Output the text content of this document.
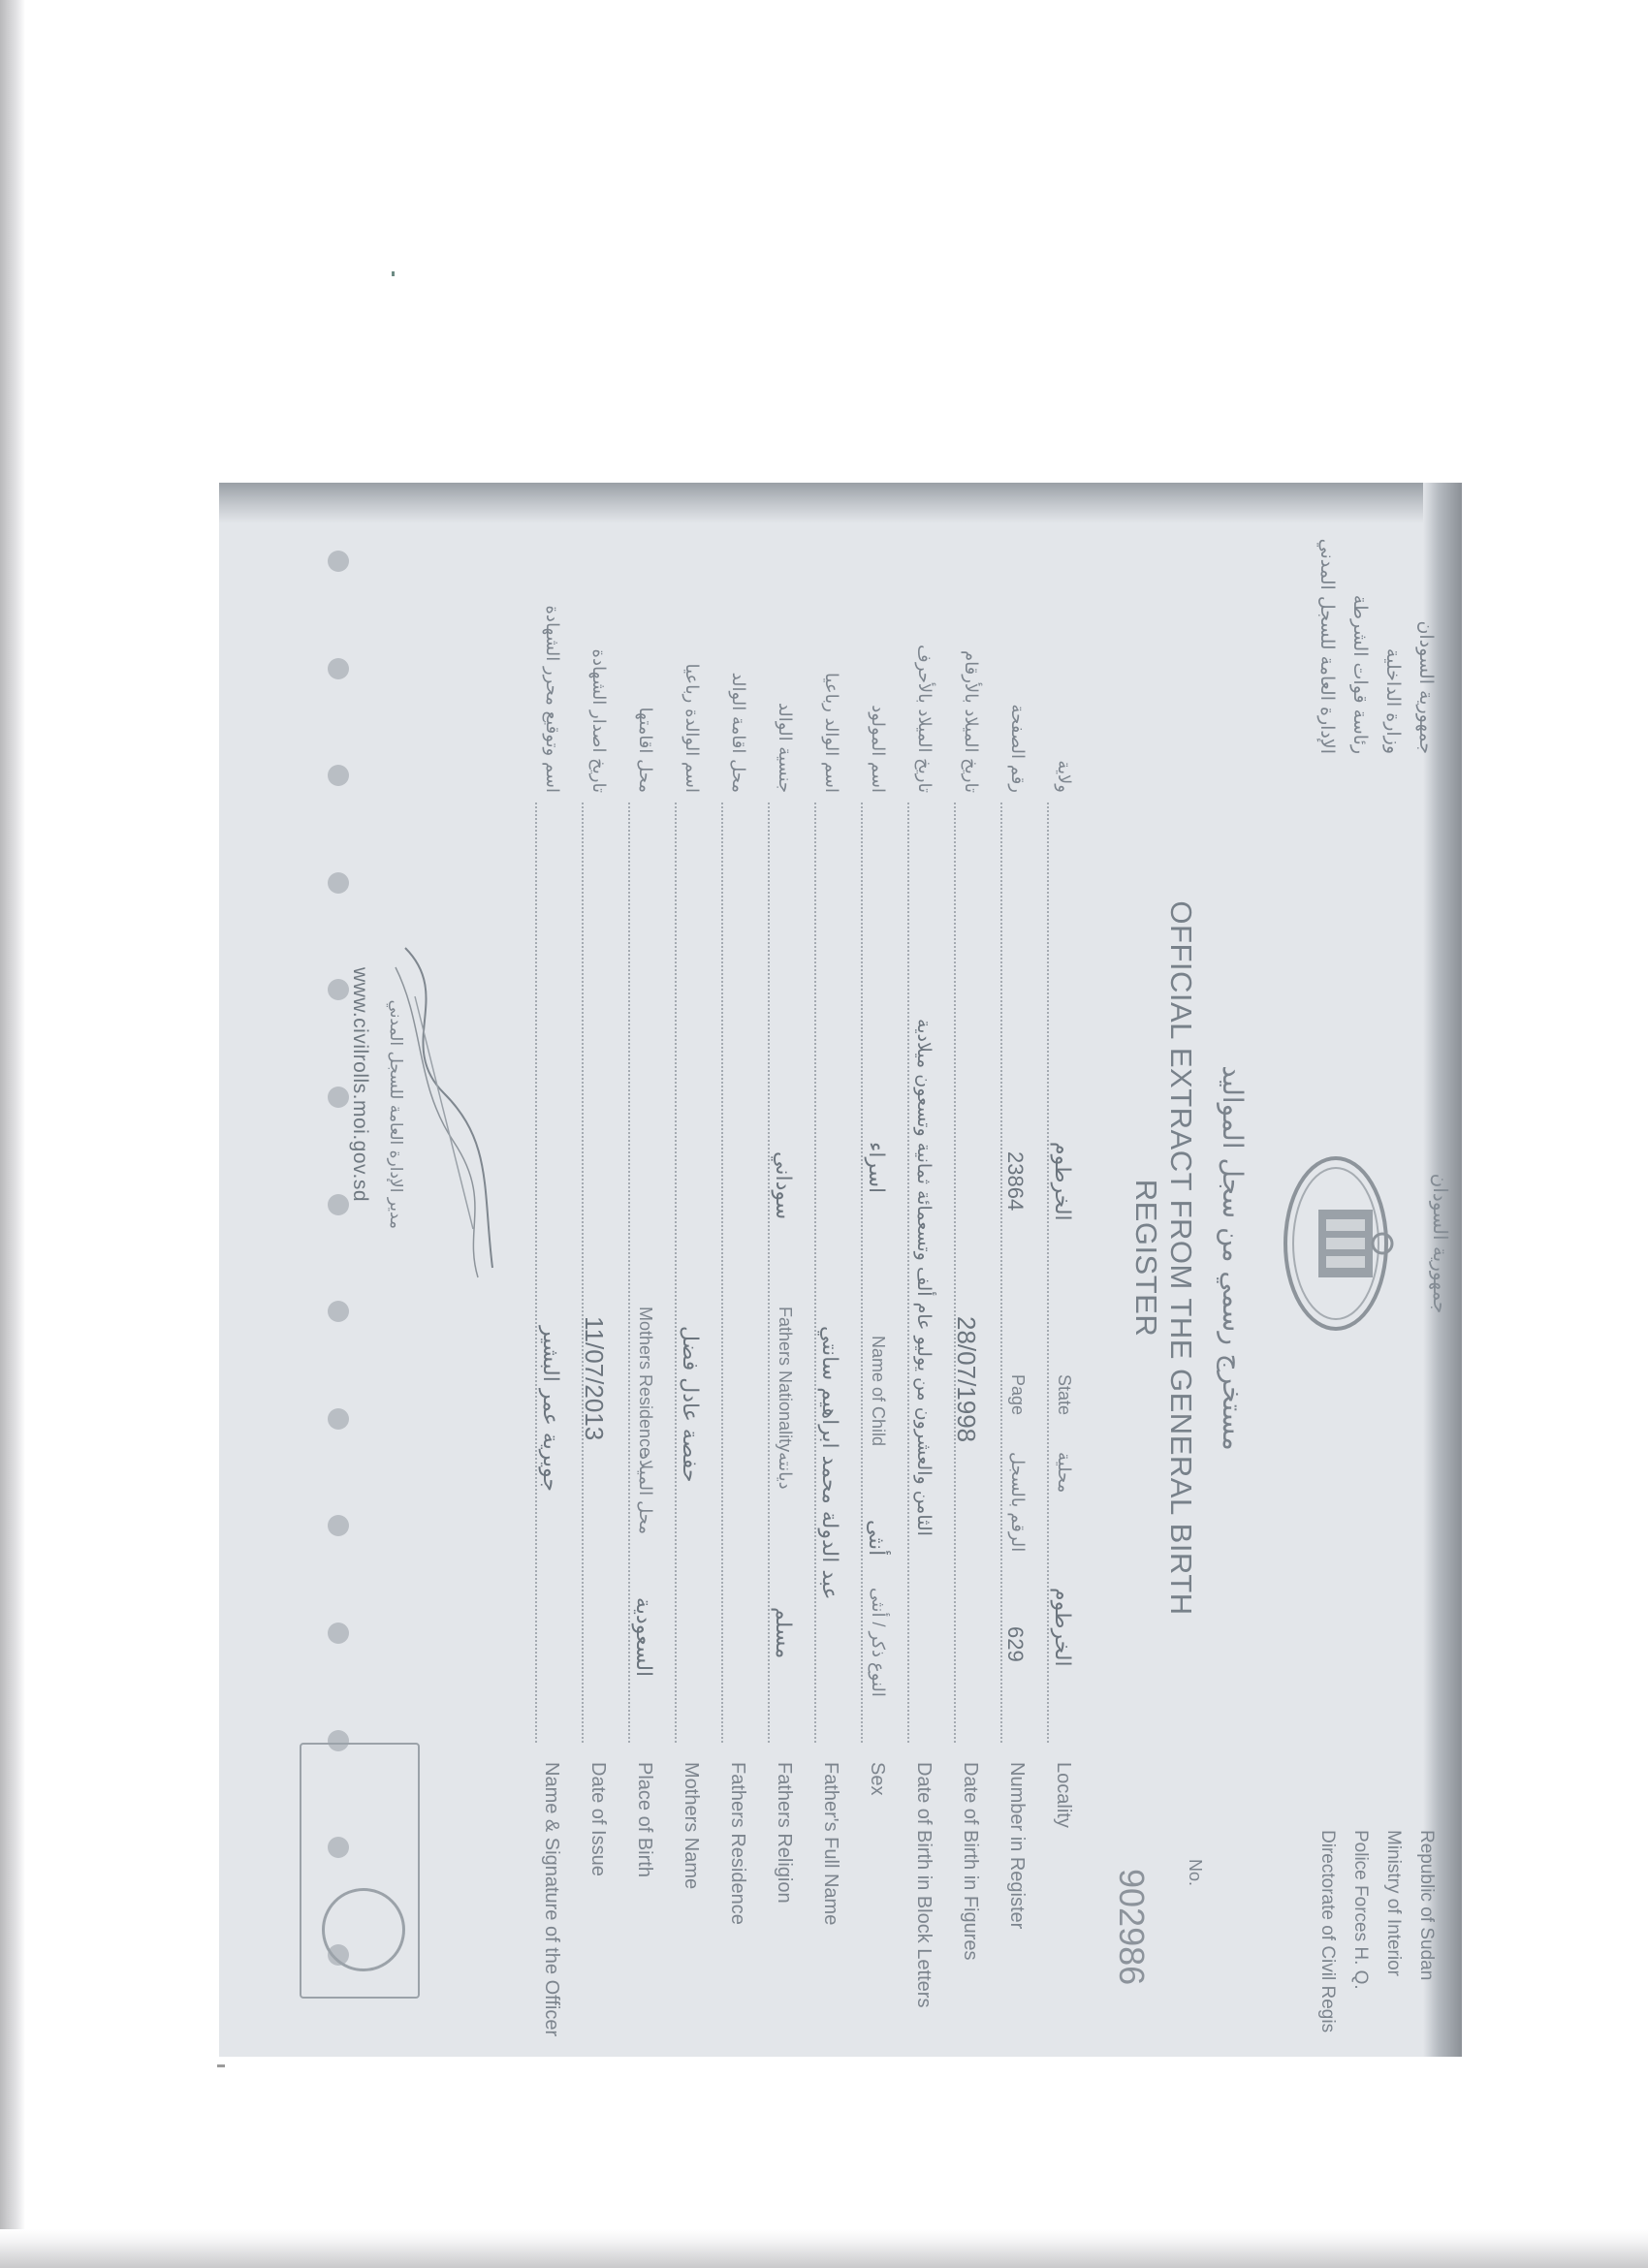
Republic of Sudan
Ministry of Interior
Police Forces H. Q.
Directorate of Civil Regis
جمهورية السودان
وزارة الداخلية
رئاسة قوات الشرطة
الإدارة العامة للسجل المدني
جمهورية السودان
مستخرج رسمي من سجل المواليد
OFFICIAL EXTRACT FROM THE GENERAL BIRTH REGISTER
No.
902986
Locality
الخرطوم
محلية
State
الخرطوم
ولاية
Number in Register
629
الرقم بالسجل
Page
23864
رقم الصفحة
Date of Birth in Figures
28/07/1998
تاريخ الميلاد بالأرقام
Date of Birth in Block Letters
الثامن والعشرون من يوليو عام ألف وتسعمائة ثمانية وتسعون ميلادية
تاريخ الميلاد بالأحرف
Sex
النوع ذكر / أنثى
أنثى
Name of Child
اسراء
اسم المولود
Father's Full Name
عبد الدولة محمد ابراهيم سانتي
اسم الوالد رباعيا
Fathers Religion
مسلم
ديانته
Fathers Nationality
سوداني
جنسية الوالد
Fathers Residence
محل اقامة الوالد
Mothers Name
حفصة عادل فضل
اسم الوالدة رباعيا
Place of Birth
السعودية
محل الميلاد
Mothers Residence
محل اقامتها
Date of Issue
11/07/2013
تاريخ اصدار الشهادة
Name & Signature of the Officer
جويرية عمر البشير
اسم وتوقيع محرر الشهادة
مدير الإدارة العامة للسجل المدني
www.civilrolls.moi.gov.sd
